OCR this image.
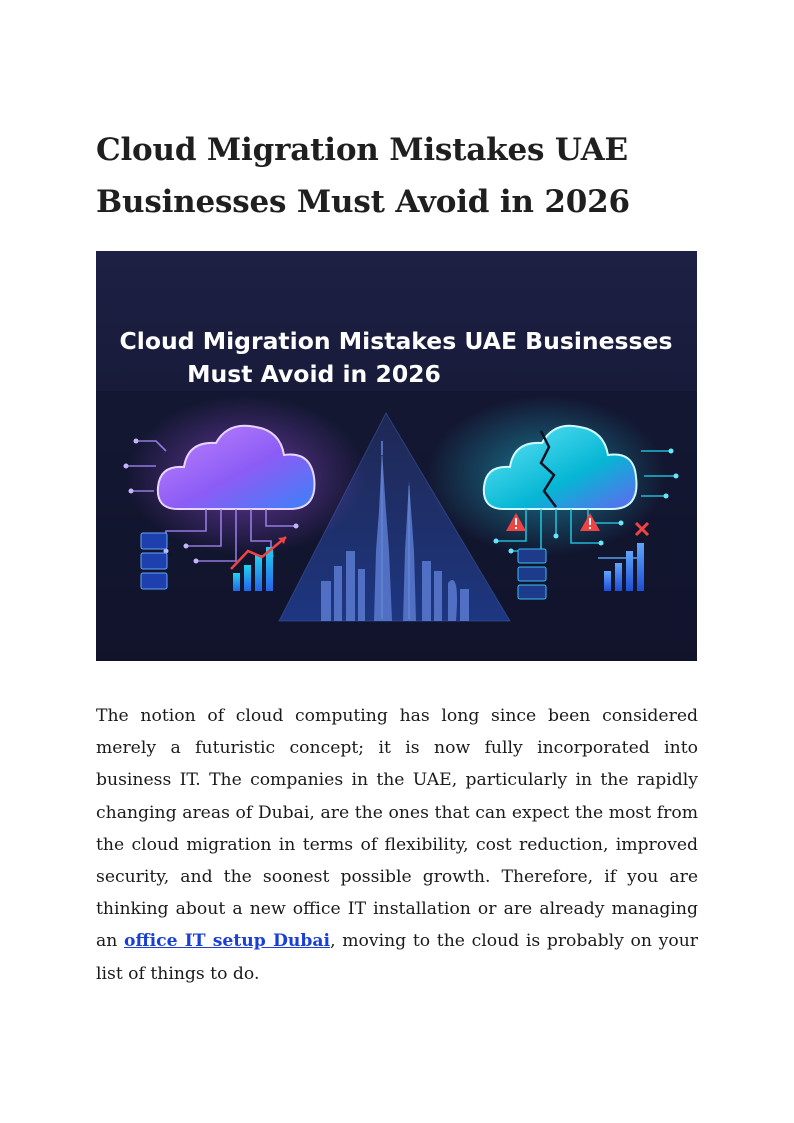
Cloud Migration Mistakes UAE
Businesses Must Avoid in 2026
Cloud Migration Mistakes UAE Businesses
Must Avoid in 2026

The notion of cloud computing has long since been considered merely a futuristic concept; it is now fully incorporated into business IT. The companies in the UAE, particularly in the rapidly changing areas of Dubai, are the ones that can expect the most from the cloud migration in terms of flexibility, cost reduction, improved security, and the soonest possible growth. Therefore, if you are thinking about a new office IT installation or are already managing an office IT setup Dubai, moving to the cloud is probably on your list of things to do.
